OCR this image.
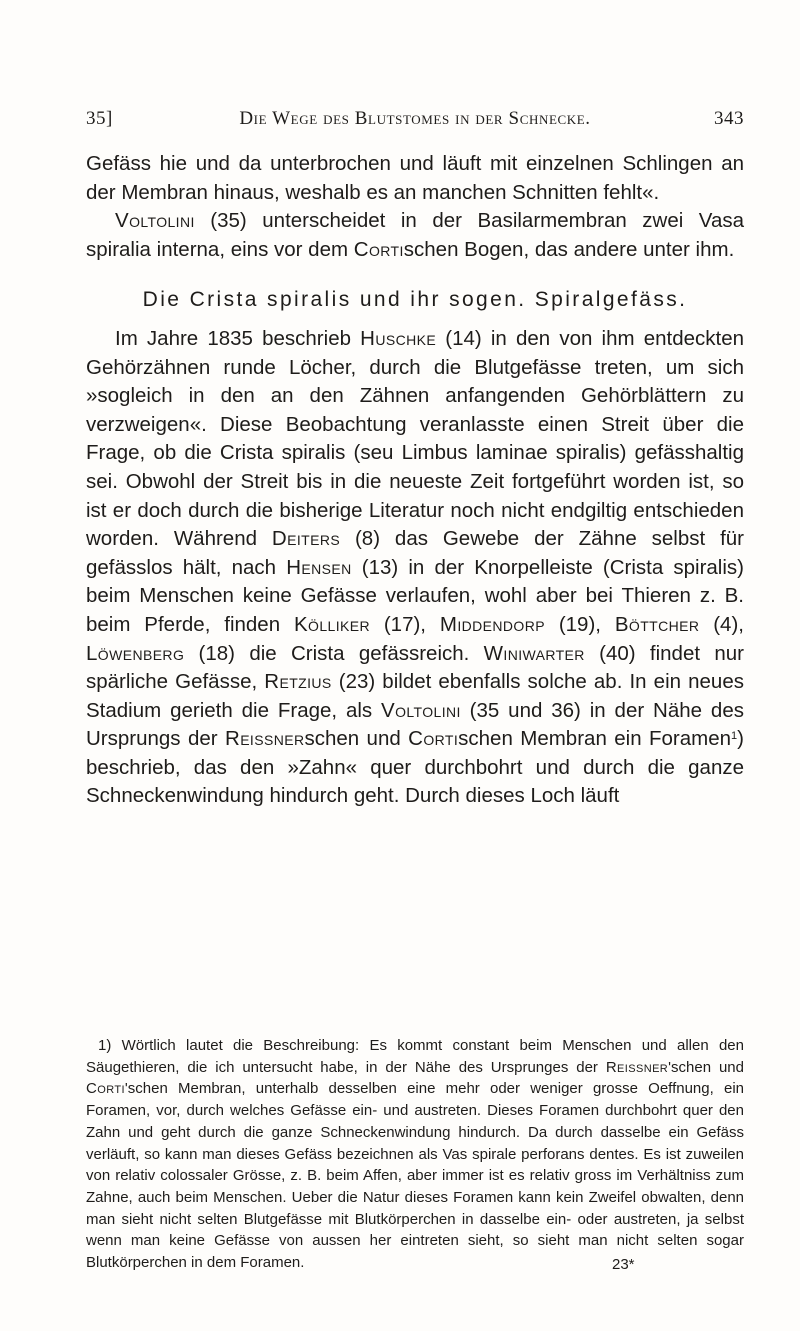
35]	Die Wege des Blutstomes in der Schnecke.	343

Gefäss hie und da unterbrochen und läuft mit einzelnen Schlingen an der Membran hinaus, weshalb es an manchen Schnitten fehlt«.

Voltolini (35) unterscheidet in der Basilarmembran zwei Vasa spiralia interna, eins vor dem Cortischen Bogen, das andere unter ihm.

Die Crista spiralis und ihr sogen. Spiralgefäss.

Im Jahre 1835 beschrieb Huschke (14) in den von ihm entdeckten Gehörzähnen runde Löcher, durch die Blutgefässe treten, um sich »sogleich in den an den Zähnen anfangenden Gehörblättern zu verzweigen«. Diese Beobachtung veranlasste einen Streit über die Frage, ob die Crista spiralis (seu Limbus laminae spiralis) gefässhaltig sei. Obwohl der Streit bis in die neueste Zeit fortgeführt worden ist, so ist er doch durch die bisherige Literatur noch nicht endgiltig entschieden worden. Während Deiters (8) das Gewebe der Zähne selbst für gefässlos hält, nach Hensen (13) in der Knorpelleiste (Crista spiralis) beim Menschen keine Gefässe verlaufen, wohl aber bei Thieren z. B. beim Pferde, finden Kölliker (17), Middendorp (19), Böttcher (4), Löwenberg (18) die Crista gefässreich. Winiwarter (40) findet nur spärliche Gefässe, Retzius (23) bildet ebenfalls solche ab. In ein neues Stadium gerieth die Frage, als Voltolini (35 und 36) in der Nähe des Ursprungs der Reissnerschen und Cortischen Membran ein Foramen$^1$) beschrieb, das den »Zahn« quer durchbohrt und durch die ganze Schneckenwindung hindurch geht. Durch dieses Loch läuft

1) Wörtlich lautet die Beschreibung: Es kommt constant beim Menschen und allen den Säugethieren, die ich untersucht habe, in der Nähe des Ursprunges der Reissner'schen und Corti'schen Membran, unterhalb desselben eine mehr oder weniger grosse Oeffnung, ein Foramen, vor, durch welches Gefässe ein- und austreten. Dieses Foramen durchbohrt quer den Zahn und geht durch die ganze Schneckenwindung hindurch. Da durch dasselbe ein Gefäss verläuft, so kann man dieses Gefäss bezeichnen als Vas spirale perforans dentes. Es ist zuweilen von relativ colossaler Grösse, z. B. beim Affen, aber immer ist es relativ gross im Verhältniss zum Zahne, auch beim Menschen. Ueber die Natur dieses Foramen kann kein Zweifel obwalten, denn man sieht nicht selten Blutgefässe mit Blutkörperchen in dasselbe ein- oder austreten, ja selbst wenn man keine Gefässe von aussen her eintreten sieht, so sieht man nicht selten sogar Blutkörperchen in dem Foramen.	23*
